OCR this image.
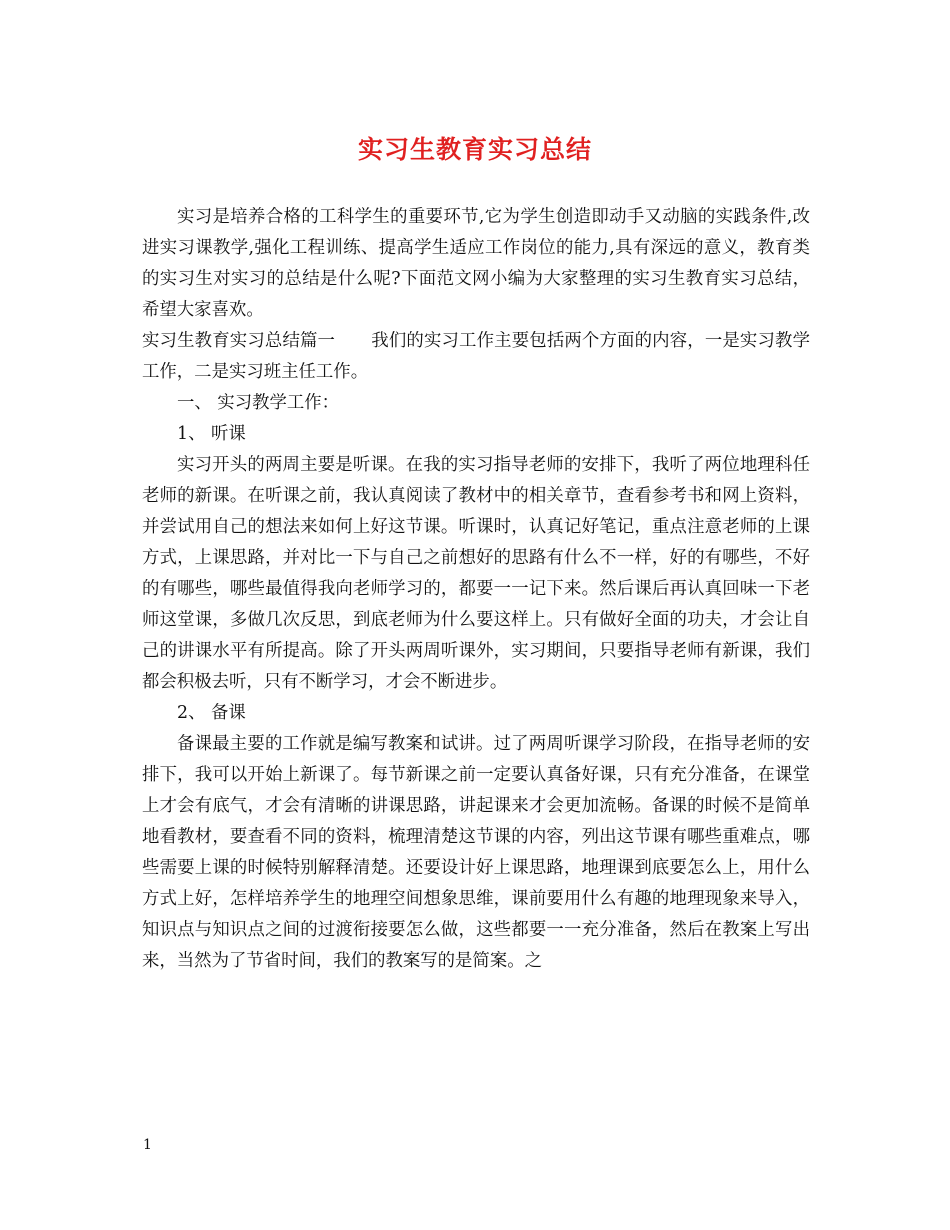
实习生教育实习总结

实习是培养合格的工科学生的重要环节,它为学生创造即动手又动脑的实践条件,改进实习课教学,强化工程训练、提高学生适应工作岗位的能力,具有深远的意义，教育类的实习生对实习的总结是什么呢?下面范文网小编为大家整理的实习生教育实习总结，希望大家喜欢。

实习生教育实习总结篇一 我们的实习工作主要包括两个方面的内容，一是实习教学工作，二是实习班主任工作。

一、 实习教学工作：

1、 听课

实习开头的两周主要是听课。在我的实习指导老师的安排下，我听了两位地理科任老师的新课。在听课之前，我认真阅读了教材中的相关章节，查看参考书和网上资料，并尝试用自己的想法来如何上好这节课。听课时，认真记好笔记，重点注意老师的上课方式，上课思路，并对比一下与自己之前想好的思路有什么不一样，好的有哪些，不好的有哪些，哪些最值得我向老师学习的，都要一一记下来。然后课后再认真回味一下老师这堂课，多做几次反思，到底老师为什么要这样上。只有做好全面的功夫，才会让自己的讲课水平有所提高。除了开头两周听课外，实习期间，只要指导老师有新课，我们都会积极去听，只有不断学习，才会不断进步。

2、 备课

备课最主要的工作就是编写教案和试讲。过了两周听课学习阶段，在指导老师的安排下，我可以开始上新课了。每节新课之前一定要认真备好课，只有充分准备，在课堂上才会有底气，才会有清晰的讲课思路，讲起课来才会更加流畅。备课的时候不是简单地看教材，要查看不同的资料，梳理清楚这节课的内容，列出这节课有哪些重难点，哪些需要上课的时候特别解释清楚。还要设计好上课思路，地理课到底要怎么上，用什么方式上好，怎样培养学生的地理空间想象思维，课前要用什么有趣的地理现象来导入，知识点与知识点之间的过渡衔接要怎么做，这些都要一一充分准备，然后在教案上写出来，当然为了节省时间，我们的教案写的是简案。之

1
